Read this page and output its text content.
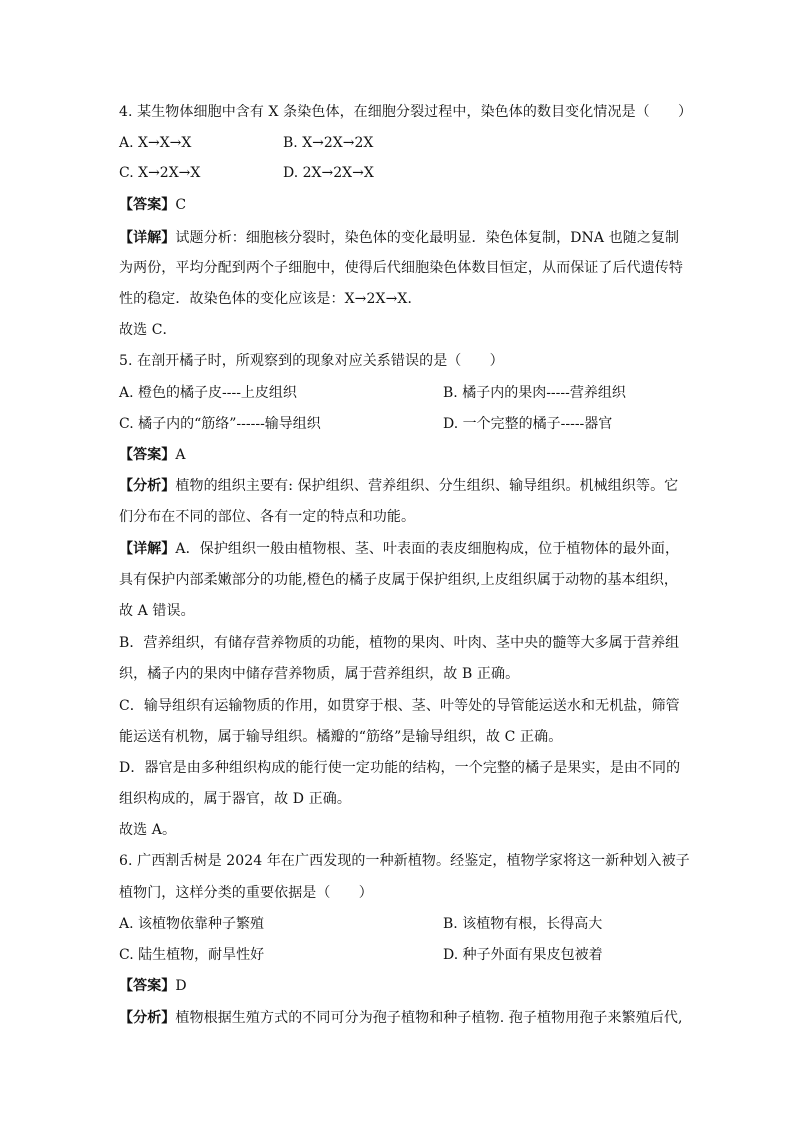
4. 某生物体细胞中含有 X 条染色体，在细胞分裂过程中，染色体的数目变化情况是（　　）
A. X→X→X	B. X→2X→2X
C. X→2X→X	D. 2X→2X→X
【答案】C
【详解】试题分析：细胞核分裂时，染色体的变化最明显．染色体复制，DNA 也随之复制
为两份，平均分配到两个子细胞中，使得后代细胞染色体数目恒定，从而保证了后代遗传特
性的稳定．故染色体的变化应该是：X→2X→X．
故选 C．
5. 在剖开橘子时，所观察到的现象对应关系错误的是（　　）
A. 橙色的橘子皮----上皮组织	B. 橘子内的果肉-----营养组织
C. 橘子内的“筋络”------输导组织	D. 一个完整的橘子-----器官
【答案】A
【分析】植物的组织主要有: 保护组织、营养组织、分生组织、输导组织。机械组织等。它
们分布在不同的部位、各有一定的特点和功能。
【详解】A．保护组织一般由植物根、茎、叶表面的表皮细胞构成，位于植物体的最外面，
具有保护内部柔嫩部分的功能,橙色的橘子皮属于保护组织,上皮组织属于动物的基本组织，
故 A 错误。
B．营养组织，有储存营养物质的功能，植物的果肉、叶肉、茎中央的髓等大多属于营养组
织，橘子内的果肉中储存营养物质，属于营养组织，故 B 正确。
C．输导组织有运输物质的作用，如贯穿于根、茎、叶等处的导管能运送水和无机盐，筛管
能运送有机物，属于输导组织。橘瓣的“筋络”是输导组织，故 C 正确。
D．器官是由多种组织构成的能行使一定功能的结构，一个完整的橘子是果实，是由不同的
组织构成的，属于器官，故 D 正确。
故选 A。
6. 广西割舌树是 2024 年在广西发现的一种新植物。经鉴定，植物学家将这一新种划入被子
植物门，这样分类的重要依据是（　　）
A. 该植物依靠种子繁殖	B. 该植物有根，长得高大
C. 陆生植物，耐旱性好	D. 种子外面有果皮包被着
【答案】D
【分析】植物根据生殖方式的不同可分为孢子植物和种子植物. 孢子植物用孢子来繁殖后代,
